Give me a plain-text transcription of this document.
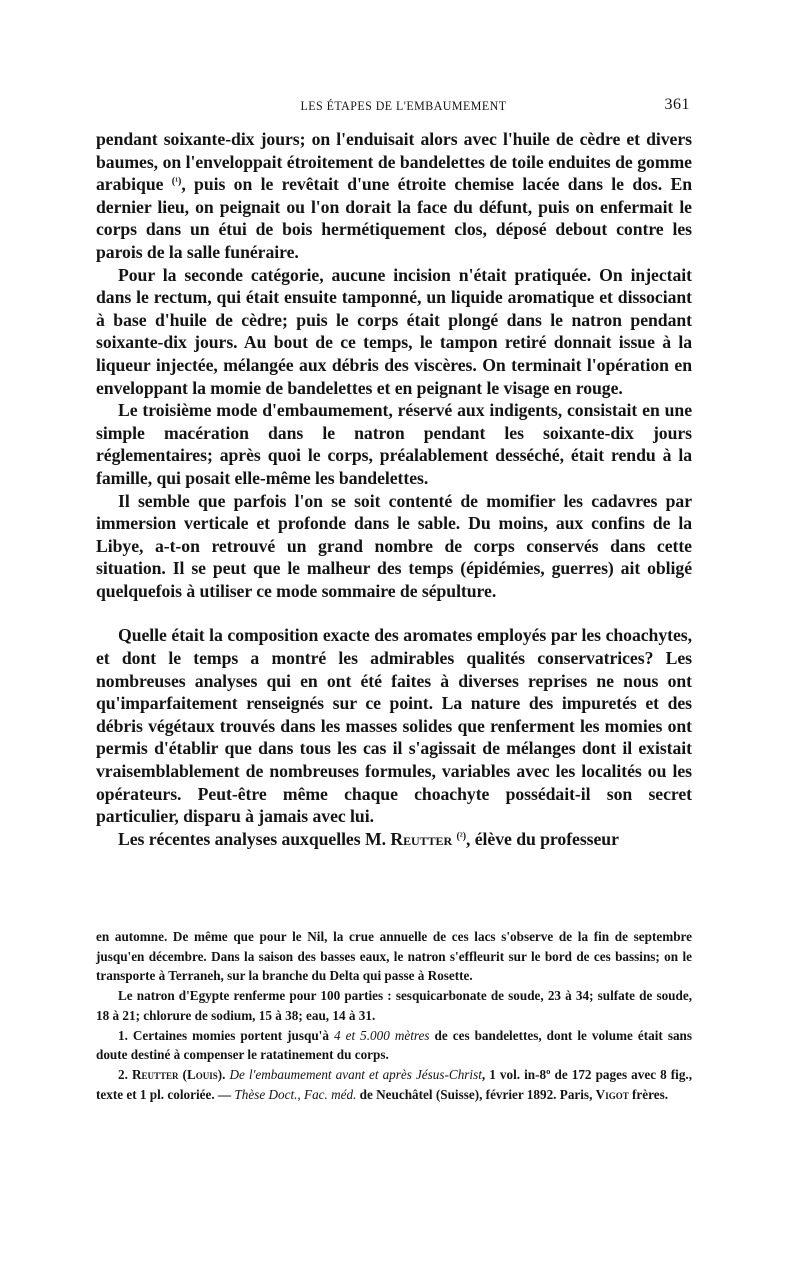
LES ÉTAPES DE L'EMBAUMEMENT	361

pendant soixante-dix jours; on l'enduisait alors avec l'huile de cèdre et divers baumes, on l'enveloppait étroitement de bandelettes de toile enduites de gomme arabique $^{(^1)}$, puis on le revêtait d'une étroite chemise lacée dans le dos. En dernier lieu, on peignait ou l'on dorait la face du défunt, puis on enfermait le corps dans un étui de bois hermétiquement clos, déposé debout contre les parois de la salle funéraire.

Pour la seconde catégorie, aucune incision n'était pratiquée. On injectait dans le rectum, qui était ensuite tamponné, un liquide aromatique et dissociant à base d'huile de cèdre; puis le corps était plongé dans le natron pendant soixante-dix jours. Au bout de ce temps, le tampon retiré donnait issue à la liqueur injectée, mélangée aux débris des viscères. On terminait l'opération en enveloppant la momie de bandelettes et en peignant le visage en rouge.

Le troisième mode d'embaumement, réservé aux indigents, consistait en une simple macération dans le natron pendant les soixante-dix jours réglementaires; après quoi le corps, préalablement desséché, était rendu à la famille, qui posait elle-même les bandelettes.

Il semble que parfois l'on se soit contenté de momifier les cadavres par immersion verticale et profonde dans le sable. Du moins, aux confins de la Libye, a-t-on retrouvé un grand nombre de corps conservés dans cette situation. Il se peut que le malheur des temps (épidémies, guerres) ait obligé quelquefois à utiliser ce mode sommaire de sépulture.

Quelle était la composition exacte des aromates employés par les choachytes, et dont le temps a montré les admirables qualités conservatrices? Les nombreuses analyses qui en ont été faites à diverses reprises ne nous ont qu'imparfaitement renseignés sur ce point. La nature des impuretés et des débris végétaux trouvés dans les masses solides que renferment les momies ont permis d'établir que dans tous les cas il s'agissait de mélanges dont il existait vraisemblablement de nombreuses formules, variables avec les localités ou les opérateurs. Peut-être même chaque choachyte possédait-il son secret particulier, disparu à jamais avec lui.

Les récentes analyses auxquelles M. Reutter $^{(^2)}$, élève du professeur

en automne. De même que pour le Nil, la crue annuelle de ces lacs s'observe de la fin de septembre jusqu'en décembre. Dans la saison des basses eaux, le natron s'effleurit sur le bord de ces bassins; on le transporte à Terraneh, sur la branche du Delta qui passe à Rosette.

Le natron d'Egypte renferme pour 100 parties : sesquicarbonate de soude, 23 à 34; sulfate de soude, 18 à 21; chlorure de sodium, 15 à 38; eau, 14 à 31.

1. Certaines momies portent jusqu'à 4 et 5.000 mètres de ces bandelettes, dont le volume était sans doute destiné à compenser le ratatinement du corps.

2. Reutter (Louis). De l'embaumement avant et après Jésus-Christ, 1 vol. in-8º de 172 pages avec 8 fig., texte et 1 pl. coloriée. — Thèse Doct., Fac. méd. de Neuchâtel (Suisse), février 1892. Paris, Vigot frères.
